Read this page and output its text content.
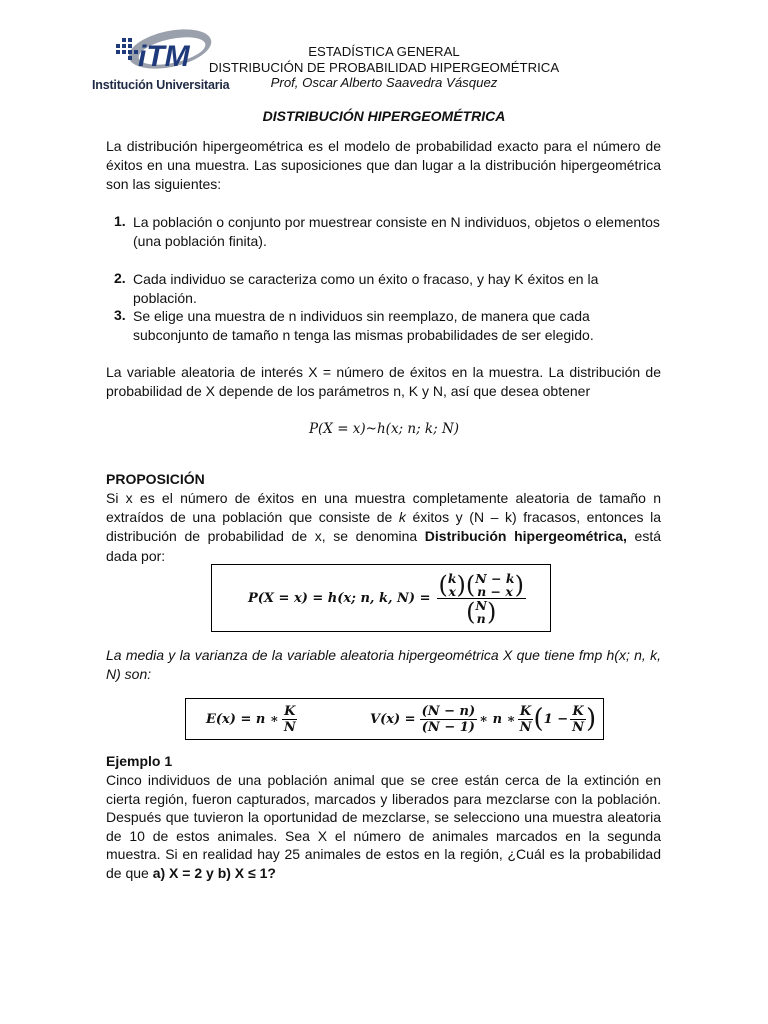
iTM
Institución Universitaria
ESTADÍSTICA GENERAL
DISTRIBUCIÓN DE PROBABILIDAD HIPERGEOMÉTRICA
Prof, Oscar Alberto Saavedra Vásquez
DISTRIBUCIÓN HIPERGEOMÉTRICA
La distribución hipergeométrica es el modelo de probabilidad exacto para el número de éxitos en una muestra. Las suposiciones que dan lugar a la distribución hipergeométrica son las siguientes:
1. La población o conjunto por muestrear consiste en N individuos, objetos o elementos (una población finita).
2. Cada individuo se caracteriza como un éxito o fracaso, y hay K éxitos en la población.
3. Se elige una muestra de n individuos sin reemplazo, de manera que cada subconjunto de tamaño n tenga las mismas probabilidades de ser elegido.
La variable aleatoria de interés X = número de éxitos en la muestra. La distribución de probabilidad de X depende de los parámetros n, K y N, así que desea obtener
P(X = x)~h(x; n; k; N)
PROPOSICIÓN
Si x es el número de éxitos en una muestra completamente aleatoria de tamaño n extraídos de una población que consiste de k éxitos y (N – k) fracasos, entonces la distribución de probabilidad de x, se denomina Distribución hipergeométrica, está dada por:
P(X = x) = h(x; n, k, N) = ( k
x ) ( N − k
n − x )
( N
n )
La media y la varianza de la variable aleatoria hipergeométrica X que tiene fmp h(x; n, k, N) son:
E(x) = n ∗ $\frac{K}{N}$	$V(x) = \frac{(N - n)}{(N - 1)}$ ∗ n ∗ $\frac{K}{N}$ ( $1 - \frac{K}{N}$ )
Ejemplo 1
Cinco individuos de una población animal que se cree están cerca de la extinción en cierta región, fueron capturados, marcados y liberados para mezclarse con la población. Después que tuvieron la oportunidad de mezclarse, se selecciono una muestra aleatoria de 10 de estos animales. Sea X el número de animales marcados en la segunda muestra. Si en realidad hay 25 animales de estos en la región, ¿Cuál es la probabilidad de que a) X = 2 y b) X ≤ 1?
